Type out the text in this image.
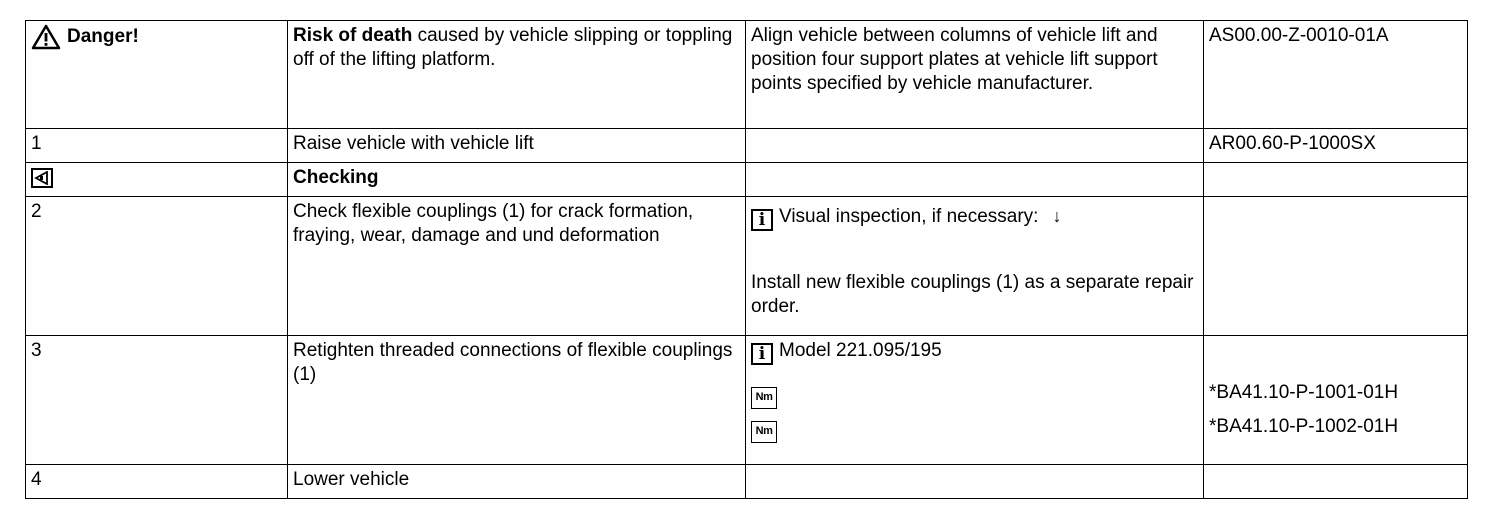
Danger!	Risk of death caused by vehicle slipping or toppling off of the lifting platform.	Align vehicle between columns of vehicle lift and position four support plates at vehicle lift support points specified by vehicle manufacturer.	AS00.00-Z-0010-01A
1	Raise vehicle with vehicle lift		AR00.60-P-1000SX

	Checking		
2	Check flexible couplings (1) for crack formation, fraying, wear, damage and und deformation	i Visual inspection, if necessary: ↓
Install new flexible couplings (1) as a separate repair order.	

3	Retighten threaded connections of flexible couplings (1)	i Model 221.095/195
Nm
Nm	*BA41.10-P-1001-01H
*BA41.10-P-1002-01H

4	Lower vehicle		
